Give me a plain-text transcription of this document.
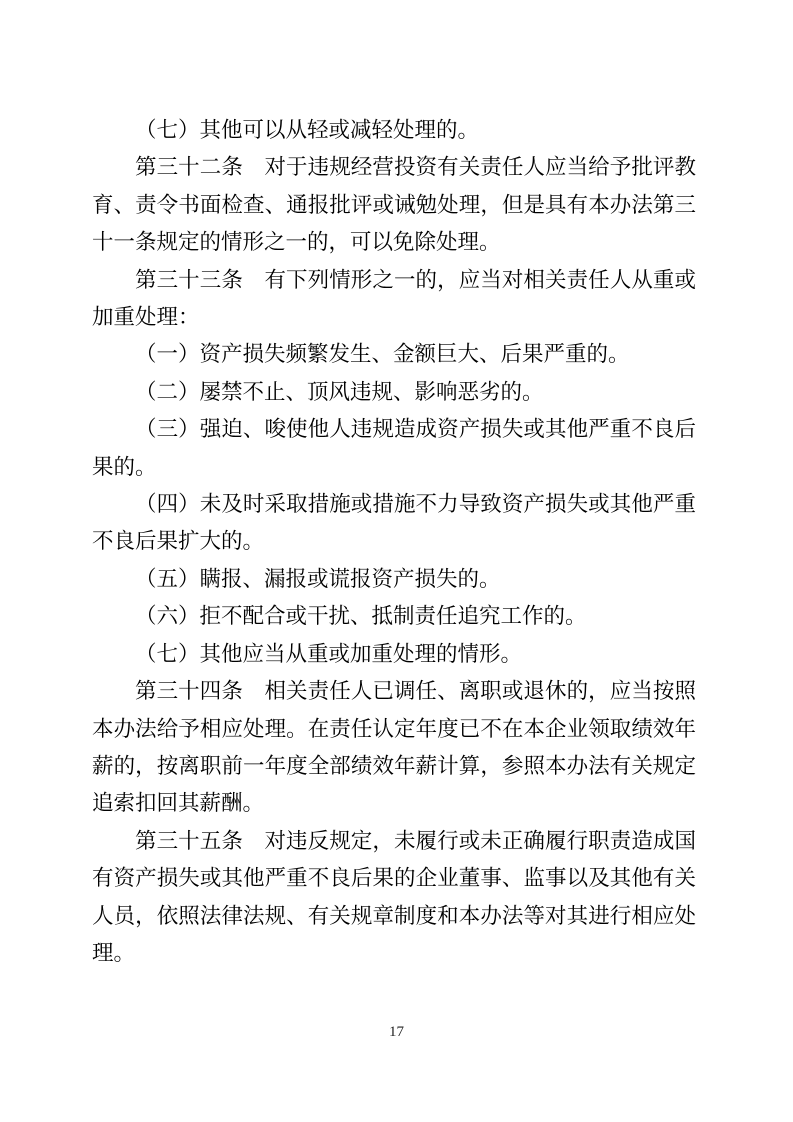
（七）其他可以从轻或减轻处理的。

第三十二条　对于违规经营投资有关责任人应当给予批评教育、责令书面检查、通报批评或诫勉处理，但是具有本办法第三十一条规定的情形之一的，可以免除处理。

第三十三条　有下列情形之一的，应当对相关责任人从重或加重处理：

（一）资产损失频繁发生、金额巨大、后果严重的。

（二）屡禁不止、顶风违规、影响恶劣的。

（三）强迫、唆使他人违规造成资产损失或其他严重不良后果的。

（四）未及时采取措施或措施不力导致资产损失或其他严重不良后果扩大的。

（五）瞒报、漏报或谎报资产损失的。

（六）拒不配合或干扰、抵制责任追究工作的。

（七）其他应当从重或加重处理的情形。

第三十四条　相关责任人已调任、离职或退休的，应当按照本办法给予相应处理。在责任认定年度已不在本企业领取绩效年薪的，按离职前一年度全部绩效年薪计算，参照本办法有关规定追索扣回其薪酬。

第三十五条　对违反规定，未履行或未正确履行职责造成国有资产损失或其他严重不良后果的企业董事、监事以及其他有关人员，依照法律法规、有关规章制度和本办法等对其进行相应处理。

17
